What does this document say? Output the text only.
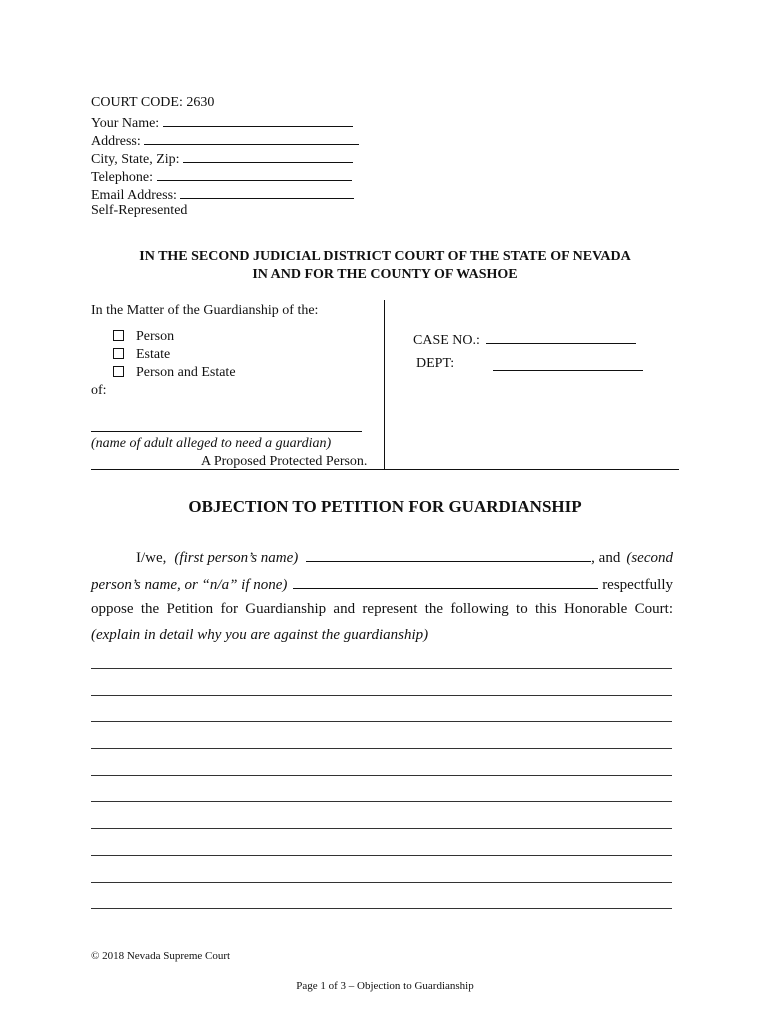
COURT CODE: 2630
Your Name:
Address:
City, State, Zip:
Telephone:
Email Address:
Self-Represented
IN THE SECOND JUDICIAL DISTRICT COURT OF THE STATE OF NEVADA
IN AND FOR THE COUNTY OF WASHOE
In the Matter of the Guardianship of the:
Person
Estate
Person and Estate
of:
(name of adult alleged to need a guardian)
A Proposed Protected Person.
CASE NO.:
DEPT:
OBJECTION TO PETITION FOR GUARDIANSHIP
I/we, (first person’s name)	, and (second
person’s name, or “n/a” if none)	respectfully
oppose the Petition for Guardianship and represent the following to this Honorable Court:
(explain in detail why you are against the guardianship)
© 2018 Nevada Supreme Court
Page 1 of 3 – Objection to Guardianship
